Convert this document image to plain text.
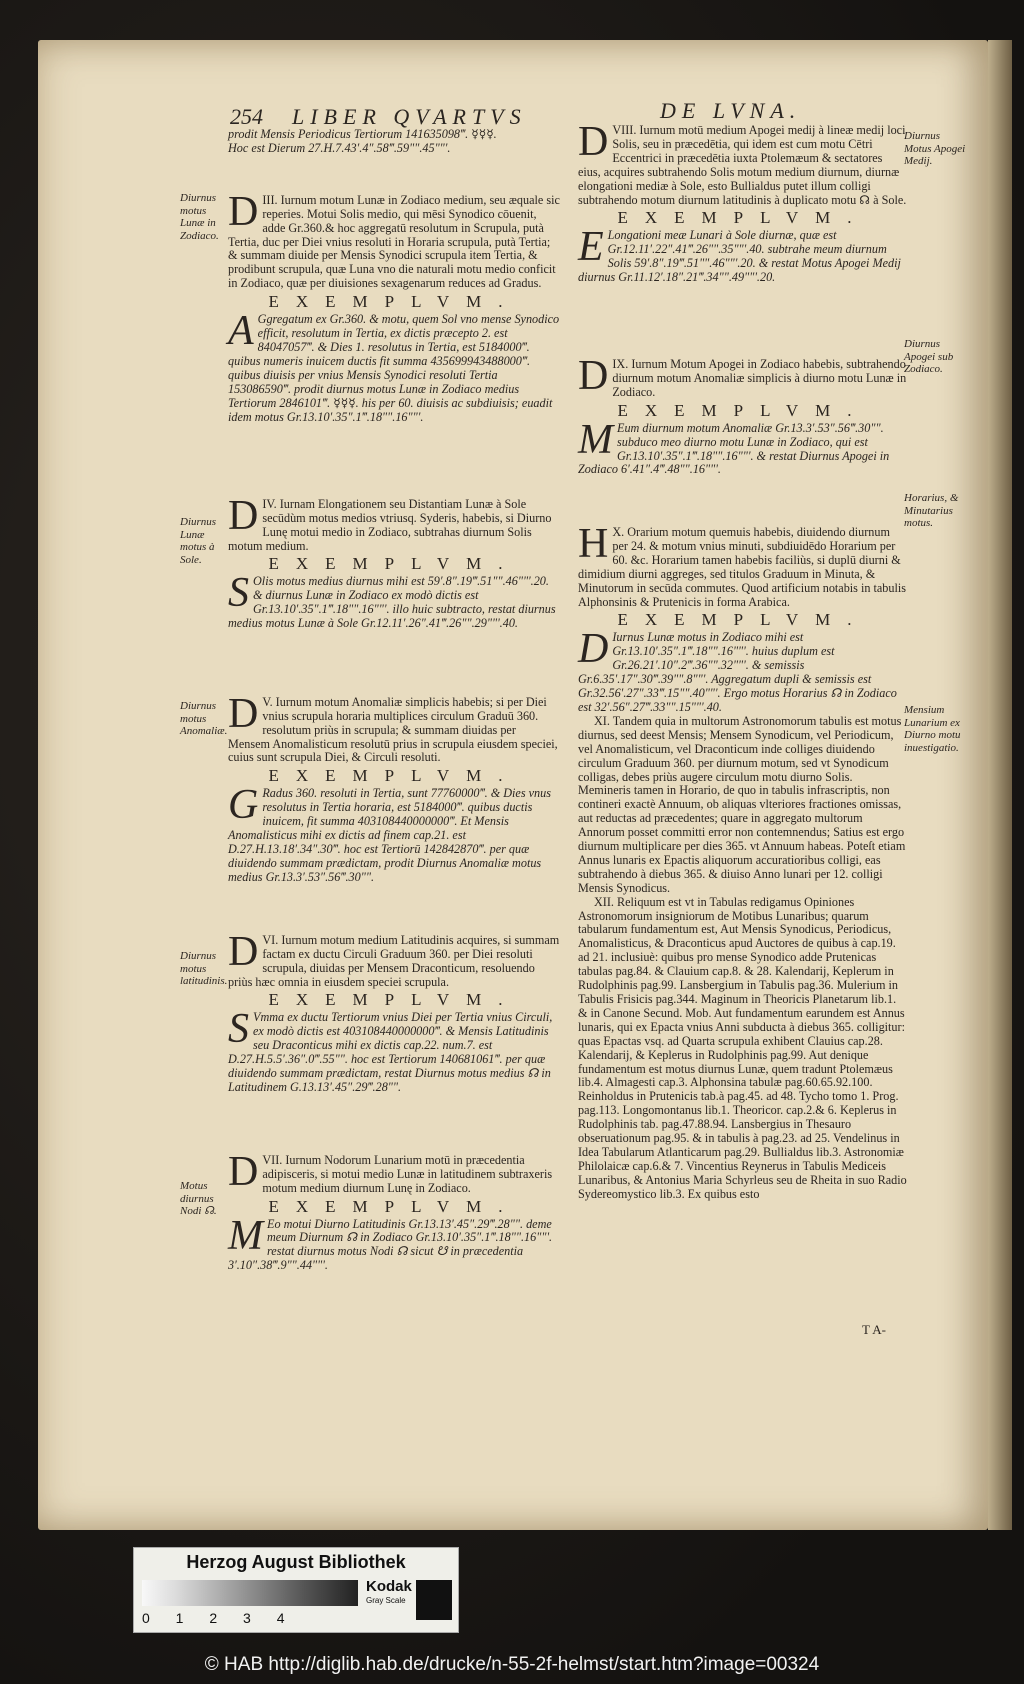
254 LIBER QVARTVS	DE LVNA.

prodit Mensis Periodicus Tertiorum 141635098‴. ☿☿☿.

Hoc est Dierum 27.H.7.43′.4″.58‴.59ʺʺ.45ʺʺʹ.

III.
D	Iurnum motum Lunæ in Zodiaco medium, seu æquale sic reperies. Motui Solis medio, qui mēsi Synodico cōuenit, adde Gr.360.& hoc aggregatū resolutum in Scrupula, putà Tertia, duc per Diei vnius resoluti in Horaria scrupula, putà Tertia; & summam diuide per Mensis Synodici scrupula item Tertia, & prodibunt scrupula, quæ Luna vno die naturali motu medio conficit in Zodiaco, quæ per diuisiones sexagenarum reduces ad Gradus.

EXEMPLVM.

A Ggregatum ex Gr.360. & motu, quem Sol vno mense Synodico efficit, resolutum in Tertia, ex dictis præcepto 2. est 84047057‴. & Dies 1. resolutus in Tertia, est 5184000‴. quibus numeris inuicem ductis fit summa 435699943488000‴. quibus diuisis per vnius Mensis Synodici resoluti Tertia 153086590‴. prodit diurnus motus Lunæ in Zodiaco medius Tertiorum 2846101‴. ☿☿☿. his per 60. diuisis ac subdiuisis; euadit idem motus Gr.13.10′.35″.1‴.18ʺʺ.16ʺʺʹ.

IV.
D	Iurnam Elongationem seu Distantiam Lunæ à Sole secūdùm motus medios vtriusq. Syderis, habebis, si Diurno Lunę motui medio in Zodiaco, subtrahas diurnum Solis motum medium.

EXEMPLVM.

S Olis motus medius diurnus mihi est 59′.8″.19‴.51ʺʺ.46ʺʺʹ.20. & diurnus Lunæ in Zodiaco ex modò dictis est Gr.13.10′.35″.1‴.18ʺʺ.16ʺʺʹ. illo huic subtracto, restat diurnus medius motus Lunæ à Sole Gr.12.11′.26″.41‴.26ʺʺ.29ʺʺʹ.40.

V.
D	Iurnum motum Anomaliæ simplicis habebis; si per Diei vnius scrupula horaria multiplices circulum Graduū 360. resolutum priùs in scrupula; & summam diuidas per Mensem Anomalisticum resolutū prius in scrupula eiusdem speciei, cuius sunt scrupula Diei, & Circuli resoluti.

EXEMPLVM.

G Radus 360. resoluti in Tertia, sunt 77760000‴. & Dies vnus resolutus in Tertia horaria, est 5184000‴. quibus ductis inuicem, fit summa 403108440000000‴. Et Mensis Anomalisticus mihi ex dictis ad finem cap.21. est D.27.H.13.18′.34″.30‴. hoc est Tertiorū 142842870‴. per quæ diuidendo summam prædictam, prodit Diurnus Anomaliæ motus medius Gr.13.3′.53″.56‴.30ʺʺ.

VI.
D	Iurnum motum medium Latitudinis acquires, si summam factam ex ductu Circuli Graduum 360. per Diei resoluti scrupula, diuidas per Mensem Draconticum, resoluendo priùs hæc omnia in eiusdem speciei scrupula.

EXEMPLVM.

S Vmma ex ductu Tertiorum vnius Diei per Tertia vnius Circuli, ex modò dictis est 403108440000000‴. & Mensis Latitudinis seu Draconticus mihi ex dictis cap.22. num.7. est D.27.H.5.5′.36″.0‴.55ʺʺ. hoc est Tertiorum 140681061‴. per quæ diuidendo summam prædictam, restat Diurnus motus medius ☊ in Latitudinem G.13.13′.45″.29‴.28ʺʺ.

VII.
D	Iurnum Nodorum Lunarium motū in præcedentia adipisceris, si motui medio Lunæ in latitudinem subtraxeris motum medium diurnum Lunę in Zodiaco.

EXEMPLVM.

M Eo motui Diurno Latitudinis Gr.13.13′.45″.29‴.28ʺʺ. deme meum Diurnum ☊ in Zodiaco Gr.13.10′.35″.1‴.18ʺʺ.16ʺʺʹ. restat diurnus motus Nodi ☊ sicut ☋ in præcedentia 3′.10″.38‴.9ʺʺ.44ʺʺʹ.

Diurnus motus Lunæ in Zodiaco.
Diurnus Lunæ motus à Sole.
Diurnus motus Anomaliæ.
Diurnus motus latitudinis.
Motus diurnus Nodi ☊.

VIII.
D	Iurnum motū medium Apogei medij à lineæ medij loci Solis, seu in præcedētia, qui idem est cum motu Cētri Eccentrici in præcedētia iuxta Ptolemæum & sectatores eius, acquires subtrahendo Solis motum medium diurnum, diurnæ elongationi mediæ à Sole, esto Bullialdus putet illum colligi subtrahendo motum diurnum latitudinis à duplicato motu ☊ à Sole.

EXEMPLVM.

E Longationi meæ Lunari à Sole diurnæ, quæ est Gr.12.11′.22″.41‴.26ʺʺ.35ʺʺʹ.40. subtrahe meum diurnum Solis 59′.8″.19‴.51ʺʺ.46ʺʺʹ.20. & restat Motus Apogei Medij diurnus Gr.11.12′.18″.21‴.34ʺʺ.49ʺʺʹ.20.

IX.
D	Iurnum Motum Apogei in Zodiaco habebis, subtrahendo diurnum motum Anomaliæ simplicis à diurno motu Lunæ in Zodiaco.

EXEMPLVM.

M Eum diurnum motum Anomaliæ Gr.13.3′.53″.56‴.30ʺʺ. subduco meo diurno motu Lunæ in Zodiaco, qui est Gr.13.10′.35″.1‴.18ʺʺ.16ʺʺʹ. & restat Diurnus Apogei in Zodiaco 6′.41″.4‴.48ʺʺ.16ʺʺʹ.

X.
H	Orarium motum quemuis habebis, diuidendo diurnum per 24. & motum vnius minuti, subdiuidēdo Horarium per 60. &c. Horarium tamen habebis faciliùs, si duplū diurni & dimidium diurni aggreges, sed titulos Graduum in Minuta, & Minutorum in secūda commutes. Quod artificium notabis in tabulis Alphonsinis & Prutenicis in forma Arabica.

EXEMPLVM.

D Iurnus Lunæ motus in Zodiaco mihi est Gr.13.10′.35″.1‴.18ʺʺ.16ʺʺʹ. huius duplum est Gr.26.21′.10″.2‴.36ʺʺ.32ʺʺʹ. & semissis Gr.6.35′.17″.30‴.39ʺʺ.8ʺʺʹ. Aggregatum dupli & semissis est Gr.32.56′.27″.33‴.15ʺʺ.40ʺʺʹ. Ergo motus Horarius ☊ in Zodiaco est 32′.56″.27‴.33ʺʺ.15ʺʺʹ.40.

XI. Tandem quia in multorum Astronomorum tabulis est motus diurnus, sed deest Mensis; Mensem Synodicum, vel Periodicum, vel Anomalisticum, vel Draconticum inde colliges diuidendo circulum Graduum 360. per diurnum motum, sed vt Synodicum colligas, debes priùs augere circulum motu diurno Solis. Memineris tamen in Horario, de quo in tabulis infrascriptis, non contineri exactè Annuum, ob aliquas vlteriores fractiones omissas, aut reductas ad præcedentes; quare in aggregato multorum Annorum posset committi error non contemnendus; Satius est ergo diurnum multiplicare per dies 365. vt Annuum habeas. Poteſt etiam Annus lunaris ex Epactis aliquorum accuratioribus colligi, eas subtrahendo à diebus 365. & diuiso Anno lunari per 12. colligi Mensis Synodicus.

XII. Reliquum est vt in Tabulas redigamus Opiniones Astronomorum insigniorum de Motibus Lunaribus; quarum tabularum fundamentum est, Aut Mensis Synodicus, Periodicus, Anomalisticus, & Draconticus apud Auctores de quibus à cap.19. ad 21. inclusiuè: quibus pro mense Synodico adde Prutenicas tabulas pag.84. & Clauium cap.8. & 28. Kalendarij, Keplerum in Rudolphinis pag.99. Lansbergium in Tabulis pag.36. Mulerium in Tabulis Frisicis pag.344. Maginum in Theoricis Planetarum lib.1. & in Canone Secund. Mob. Aut fundamentum earundem est Annus lunaris, qui ex Epacta vnius Anni subducta à diebus 365. colligitur: quas Epactas vsq. ad Quarta scrupula exhibent Clauius cap.28. Kalendarij, & Keplerus in Rudolphinis pag.99. Aut denique fundamentum est motus diurnus Lunæ, quem tradunt Ptolemæus lib.4. Almagesti cap.3. Alphonsina tabulæ pag.60.65.92.100. Reinholdus in Prutenicis tab.à pag.45. ad 48. Tycho tomo 1. Prog. pag.113. Longomontanus lib.1. Theoricor. cap.2.& 6. Keplerus in Rudolphinis tab. pag.47.88.94. Lansbergius in Thesauro obseruationum pag.95. & in tabulis à pag.23. ad 25. Vendelinus in Idea Tabularum Atlanticarum pag.29. Bullialdus lib.3. Astronomiæ Philolaicæ cap.6.& 7. Vincentius Reynerus in Tabulis Mediceis Lunaribus, & Antonius Maria Schyrleus seu de Rheita in suo Radio Sydereomystico lib.3. Ex quibus esto

T A-
Diurnus Motus Apogei Medij.
Diurnus Apogei sub Zodiaco.
Horarius, & Minutarius motus.
Mensium Lunarium ex Diurno motu inuestigatio.
Herzog August Bibliothek
Kodak
Gray Scale
0 1 2 3 4
© HAB http://diglib.hab.de/drucke/n-55-2f-helmst/start.htm?image=00324
